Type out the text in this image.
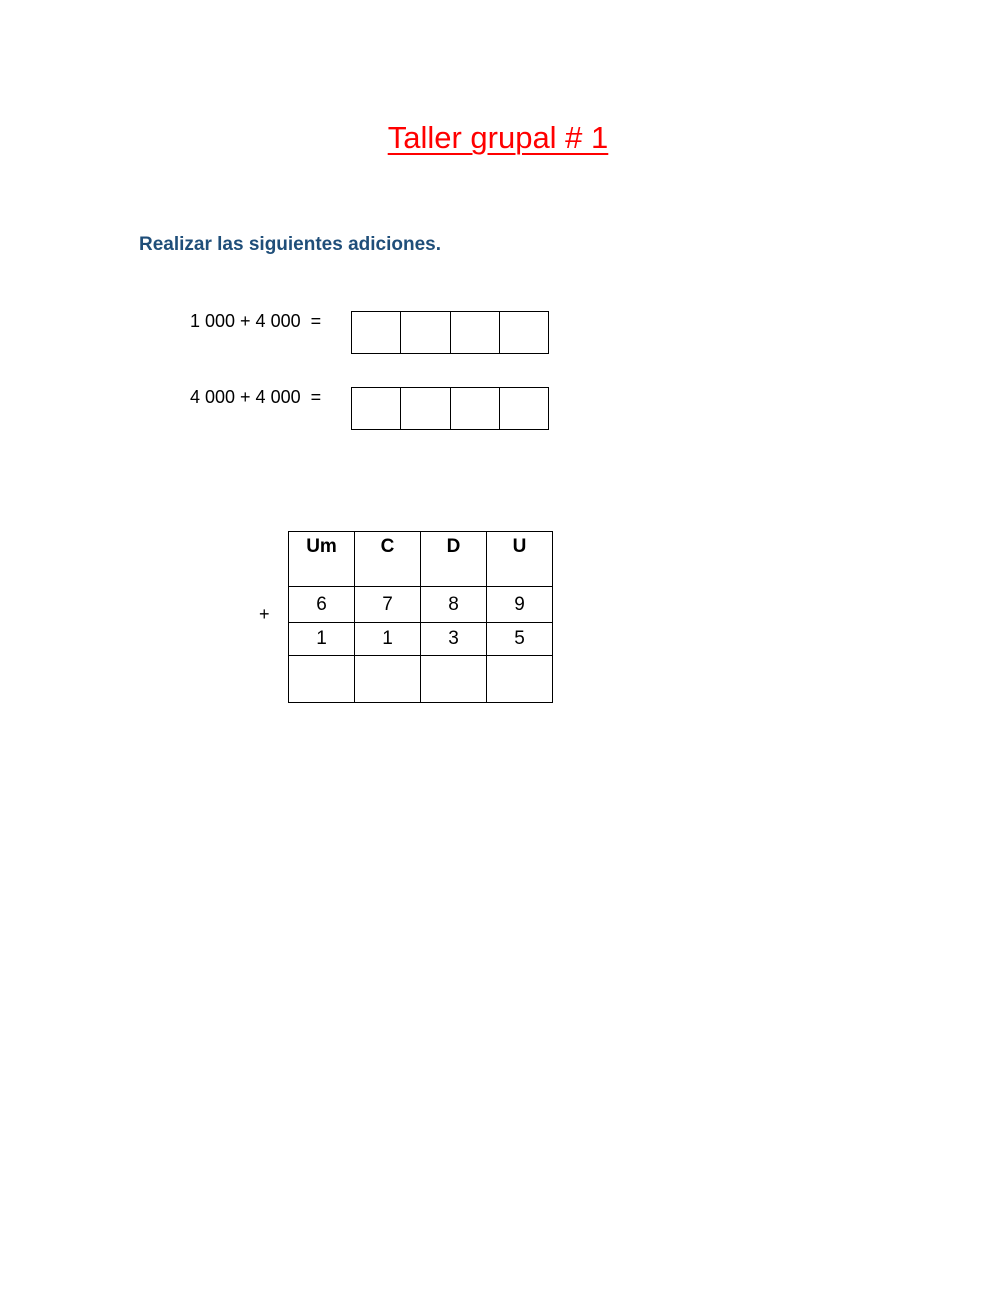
Taller grupal # 1
Realizar las siguientes adiciones.
1 000 + 4 000  =
4 000 + 4 000  =
+
Um	C	D	U
6	7	8	9
1	1	3	5
